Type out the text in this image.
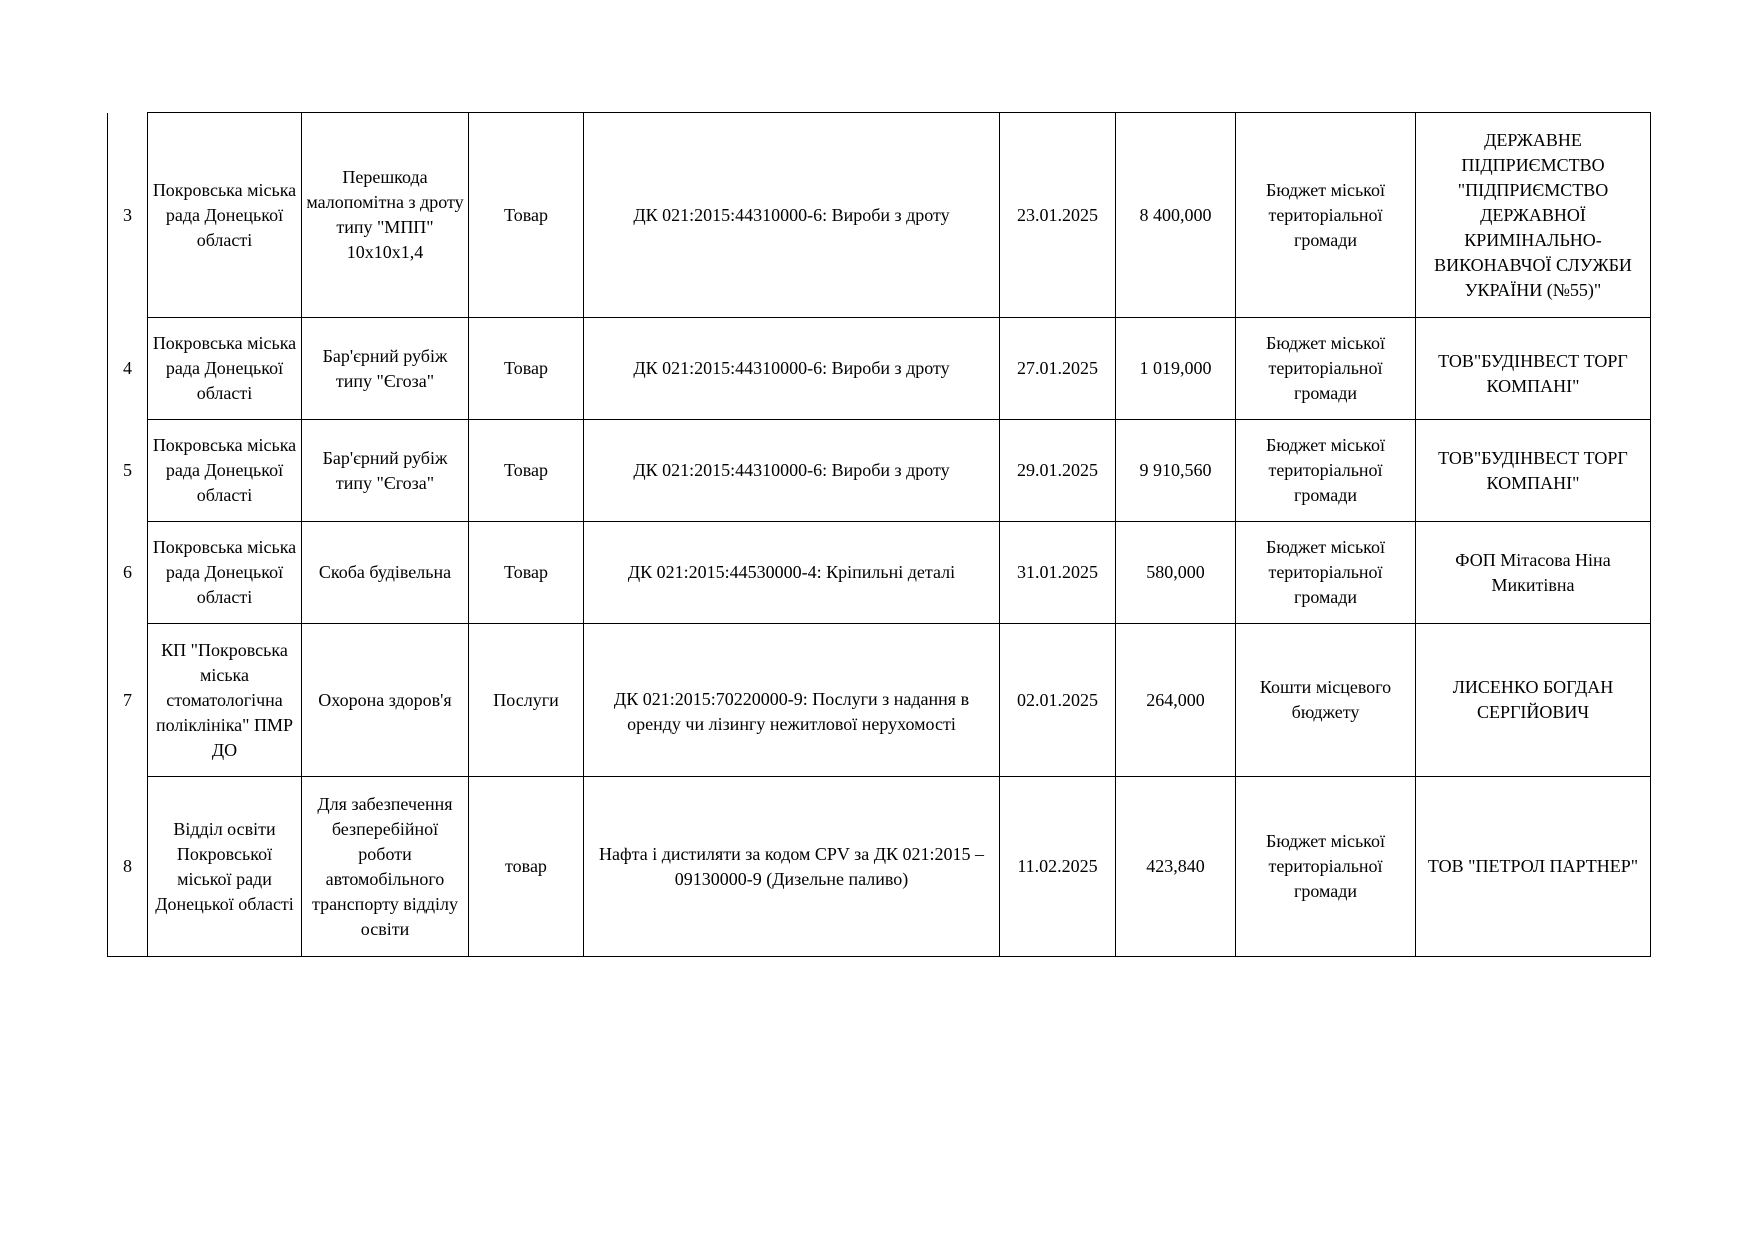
3	Покровська міська рада Донецької області	Перешкода малопомітна з дроту типу "МПП" 10х10х1,4	Товар	ДК 021:2015:44310000-6: Вироби з дроту	23.01.2025	8 400,000	Бюджет міської територіальної громади	ДЕРЖАВНЕ ПІДПРИЄМСТВО "ПІДПРИЄМСТВО ДЕРЖАВНОЇ КРИМІНАЛЬНО-ВИКОНАВЧОЇ СЛУЖБИ УКРАЇНИ (№55)"
4	Покровська міська рада Донецької області	Бар'єрний рубіж типу "Єгоза"	Товар	ДК 021:2015:44310000-6: Вироби з дроту	27.01.2025	1 019,000	Бюджет міської територіальної громади	ТОВ"БУДІНВЕСТ ТОРГ КОМПАНІ"
5	Покровська міська рада Донецької області	Бар'єрний рубіж типу "Єгоза"	Товар	ДК 021:2015:44310000-6: Вироби з дроту	29.01.2025	9 910,560	Бюджет міської територіальної громади	ТОВ"БУДІНВЕСТ ТОРГ КОМПАНІ"
6	Покровська міська рада Донецької області	Скоба будівельна	Товар	ДК 021:2015:44530000-4: Кріпильні деталі	31.01.2025	580,000	Бюджет міської територіальної громади	ФОП Мітасова Ніна Микитівна
7	КП "Покровська міська стоматологічна поліклініка" ПМР ДО	Охорона здоров'я	Послуги	ДК 021:2015:70220000-9: Послуги з надання в оренду чи лізингу нежитлової нерухомості	02.01.2025	264,000	Кошти місцевого бюджету	ЛИСЕНКО БОГДАН СЕРГІЙОВИЧ
8	Відділ освіти Покровської міської ради Донецької області	Для забезпечення безперебійної роботи автомобільного транспорту відділу освіти	товар	Нафта і дистиляти за кодом CPV за ДК 021:2015 – 09130000-9 (Дизельне паливо)	11.02.2025	423,840	Бюджет міської територіальної громади	ТОВ "ПЕТРОЛ ПАРТНЕР"
